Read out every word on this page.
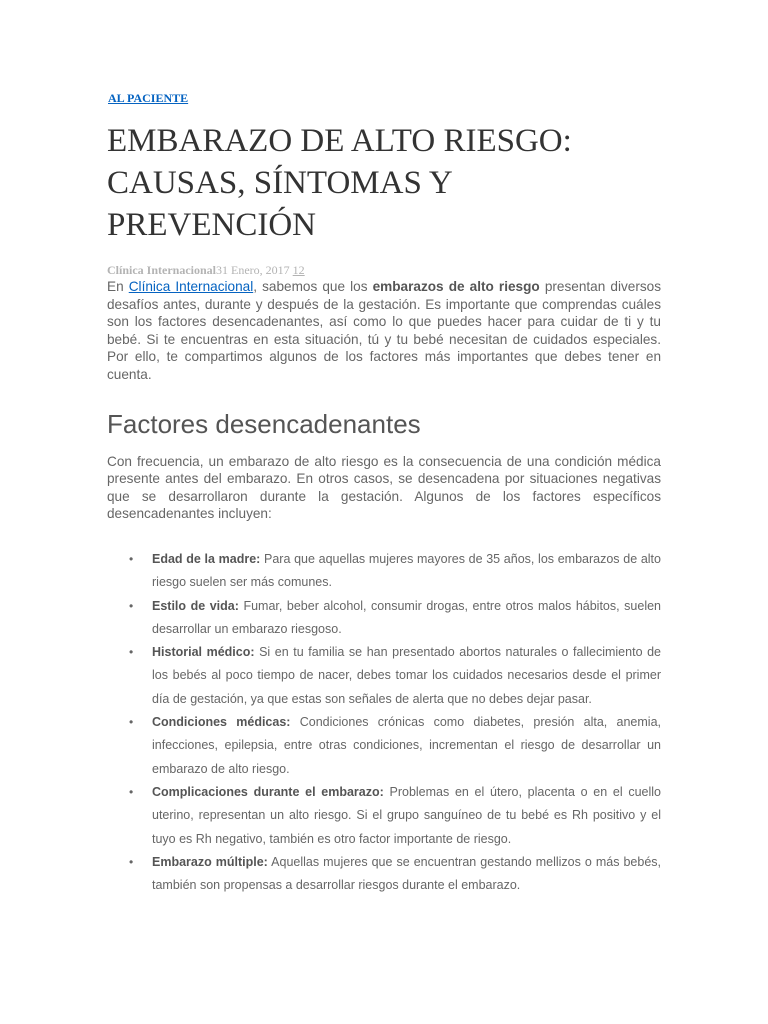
AL PACIENTE
EMBARAZO DE ALTO RIESGO: CAUSAS, SÍNTOMAS Y PREVENCIÓN
Clínica Internacional31 Enero, 2017 12

En Clínica Internacional, sabemos que los embarazos de alto riesgo presentan diversos desafíos antes, durante y después de la gestación. Es importante que comprendas cuáles son los factores desencadenantes, así como lo que puedes hacer para cuidar de ti y tu bebé. Si te encuentras en esta situación, tú y tu bebé necesitan de cuidados especiales. Por ello, te compartimos algunos de los factores más importantes que debes tener en cuenta.

Factores desencadenantes

Con frecuencia, un embarazo de alto riesgo es la consecuencia de una condición médica presente antes del embarazo. En otros casos, se desencadena por situaciones negativas que se desarrollaron durante la gestación. Algunos de los factores específicos desencadenantes incluyen:

• Edad de la madre: Para que aquellas mujeres mayores de 35 años, los embarazos de alto riesgo suelen ser más comunes.
• Estilo de vida: Fumar, beber alcohol, consumir drogas, entre otros malos hábitos, suelen desarrollar un embarazo riesgoso.
• Historial médico: Si en tu familia se han presentado abortos naturales o fallecimiento de los bebés al poco tiempo de nacer, debes tomar los cuidados necesarios desde el primer día de gestación, ya que estas son señales de alerta que no debes dejar pasar.
• Condiciones médicas: Condiciones crónicas como diabetes, presión alta, anemia, infecciones, epilepsia, entre otras condiciones, incrementan el riesgo de desarrollar un embarazo de alto riesgo.
• Complicaciones durante el embarazo: Problemas en el útero, placenta o en el cuello uterino, representan un alto riesgo. Si el grupo sanguíneo de tu bebé es Rh positivo y el tuyo es Rh negativo, también es otro factor importante de riesgo.
• Embarazo múltiple: Aquellas mujeres que se encuentran gestando mellizos o más bebés, también son propensas a desarrollar riesgos durante el embarazo.
